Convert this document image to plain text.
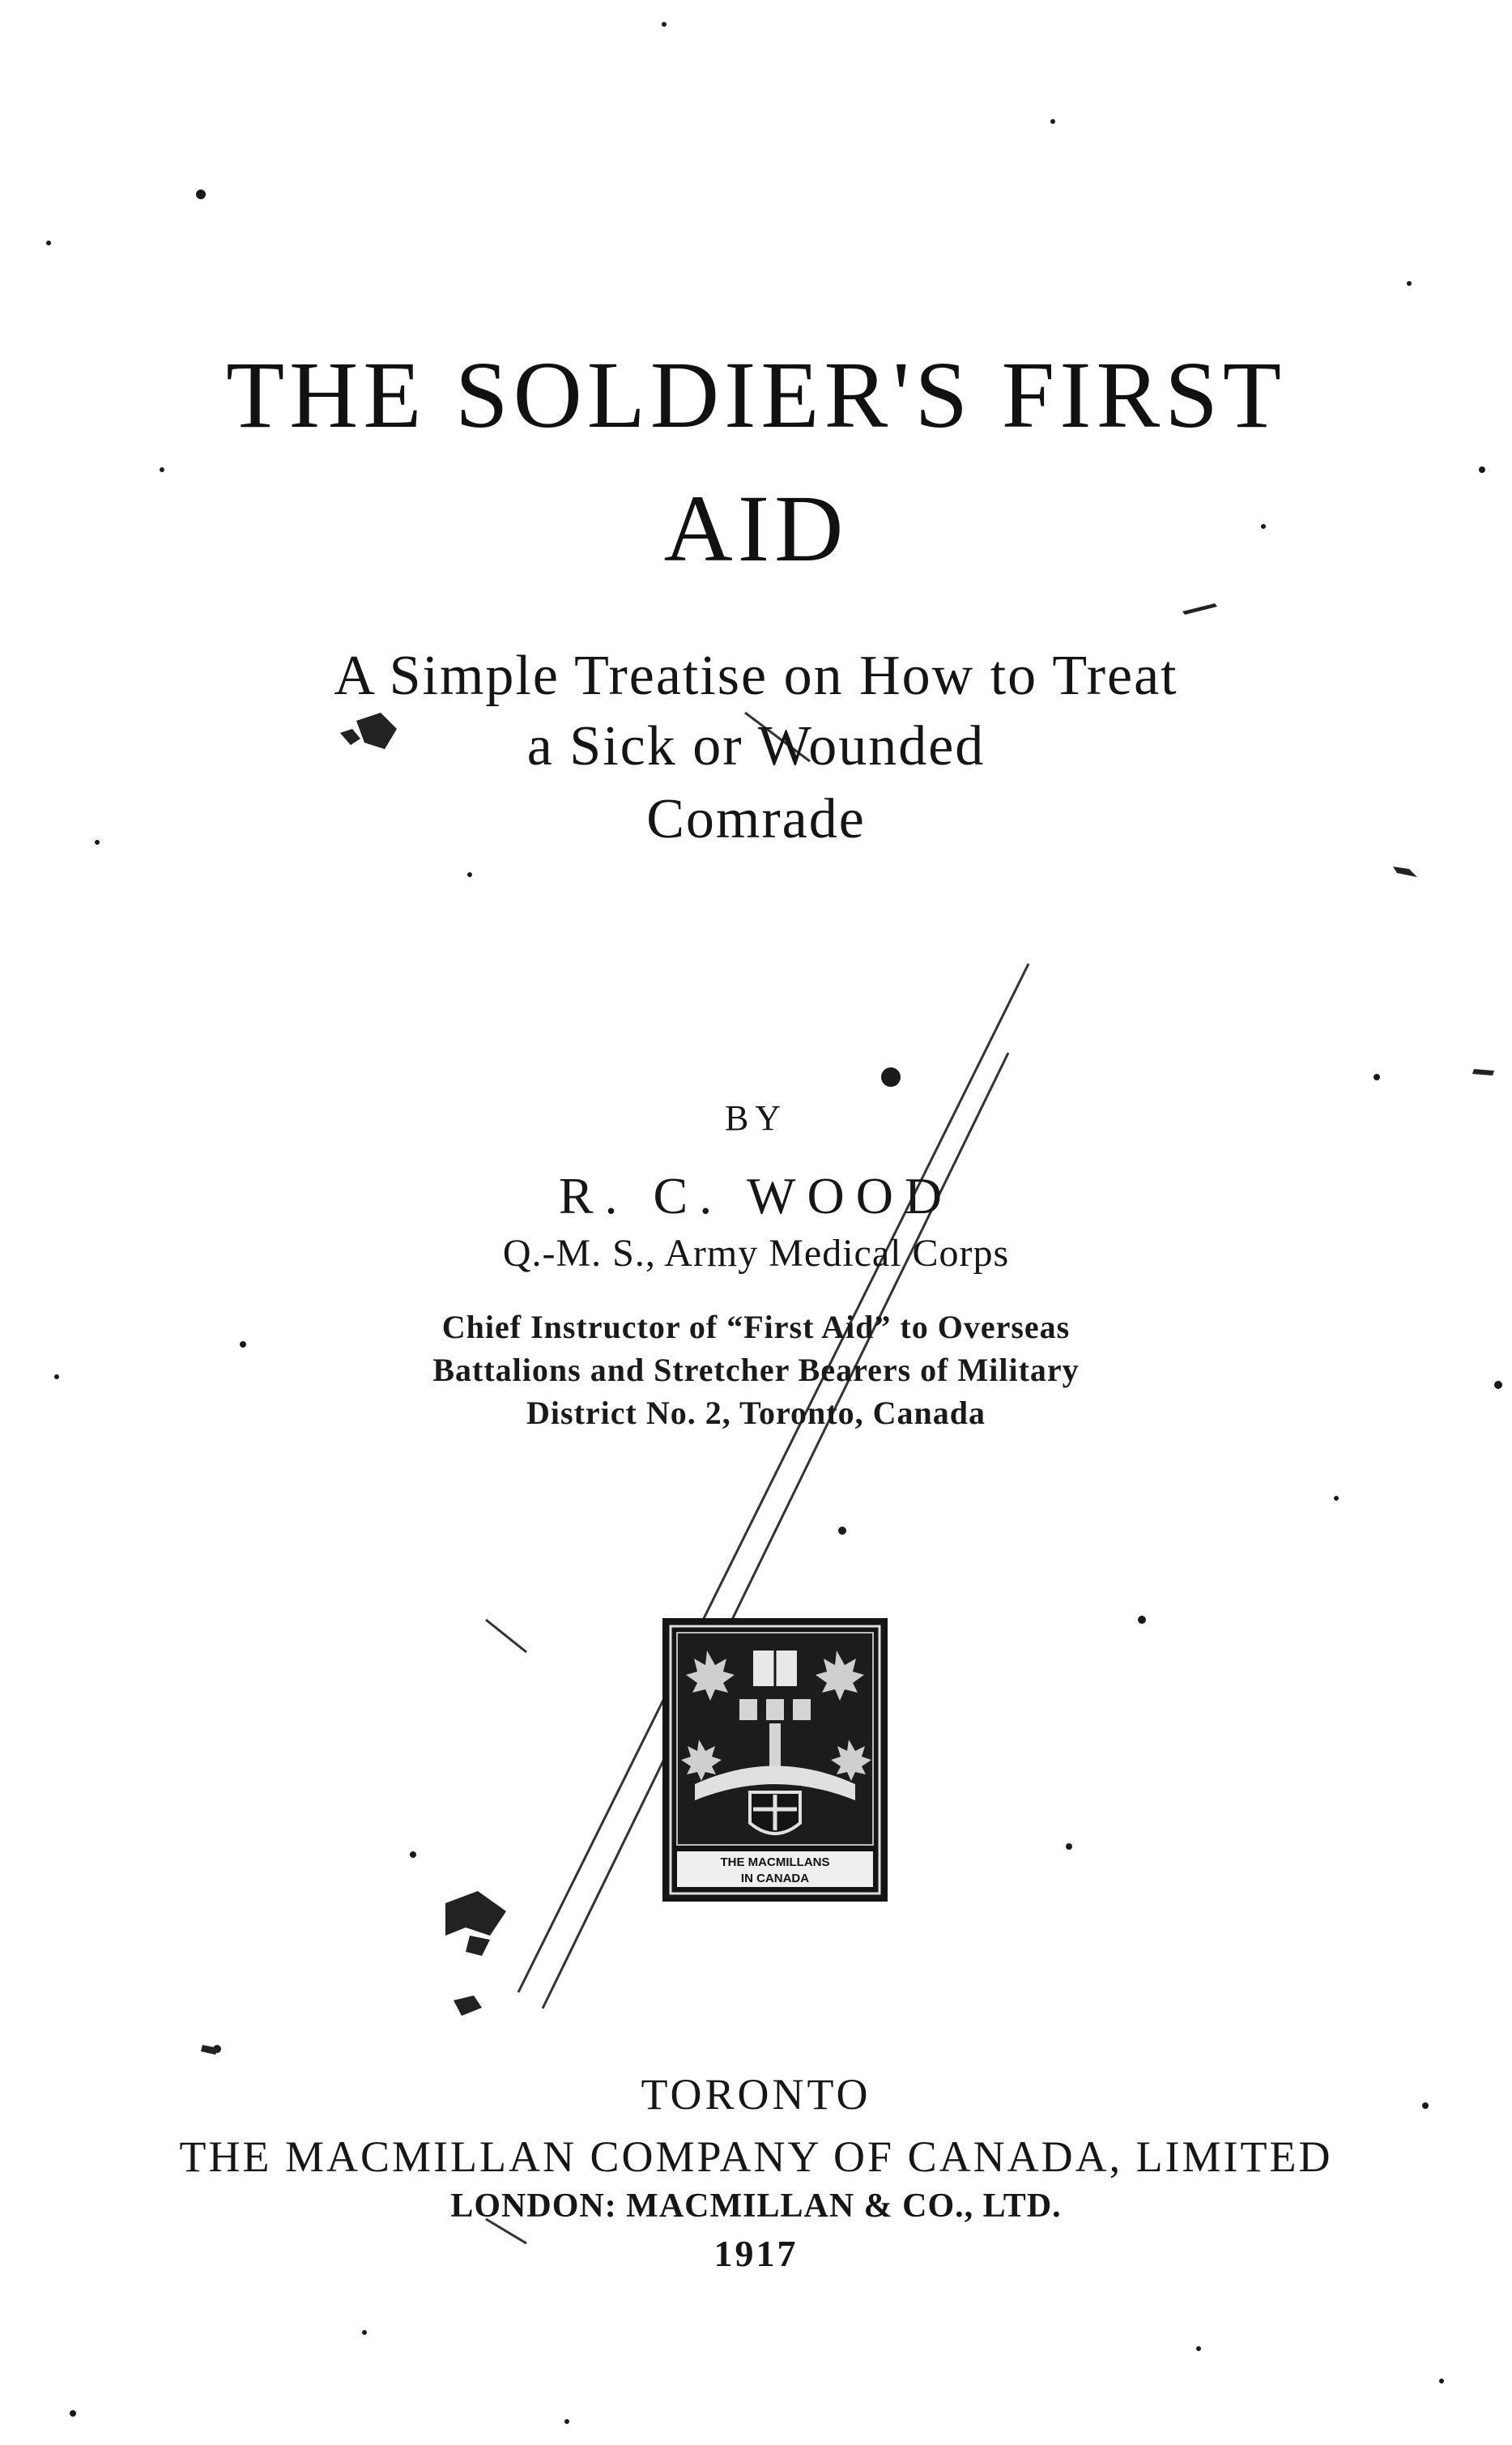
THE SOLDIER'S FIRST
AID
A Simple Treatise on How to Treat
a Sick or Wounded
Comrade
BY
R. C. WOOD
Q.-M. S., Army Medical Corps
Chief Instructor of “First Aid” to Overseas
Battalions and Stretcher Bearers of Military
District No. 2, Toronto, Canada
THE MACMILLANS
IN CANADA
TORONTO
THE MACMILLAN COMPANY OF CANADA, LIMITED
LONDON: MACMILLAN & CO., LTD.
1917
